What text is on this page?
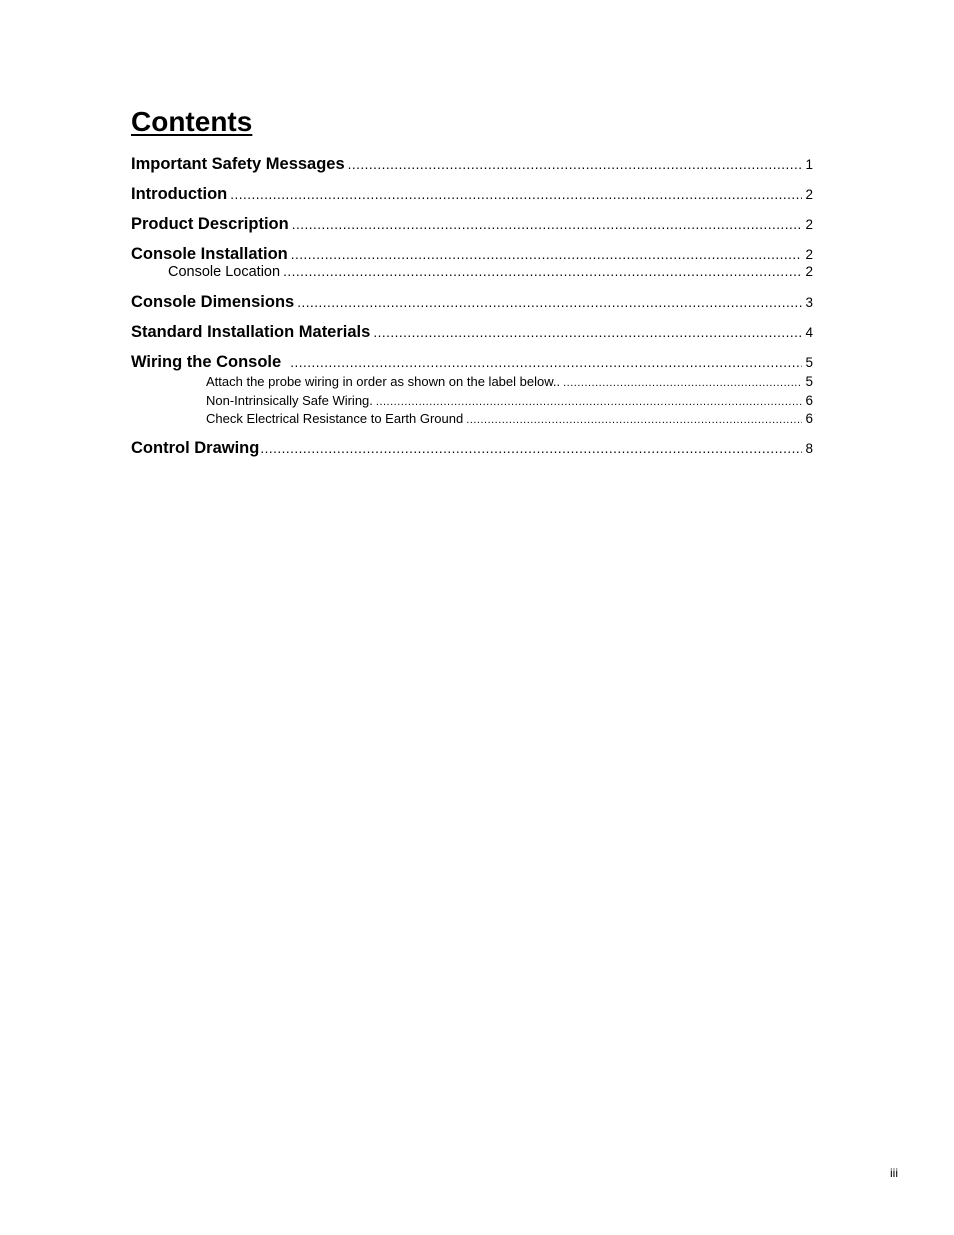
Contents
Important Safety Messages .....	1
Introduction .....	2
Product Description .....	2
Console Installation .....	2
Console Location .....	2
Console Dimensions .....	3
Standard Installation Materials .....	4
Wiring the Console .....	5
Attach the probe wiring in order as shown on the label below.. .....	5
Non-Intrinsically Safe Wiring. .....	6
Check Electrical Resistance to Earth Ground .....	6
Control Drawing .....	8
iii
